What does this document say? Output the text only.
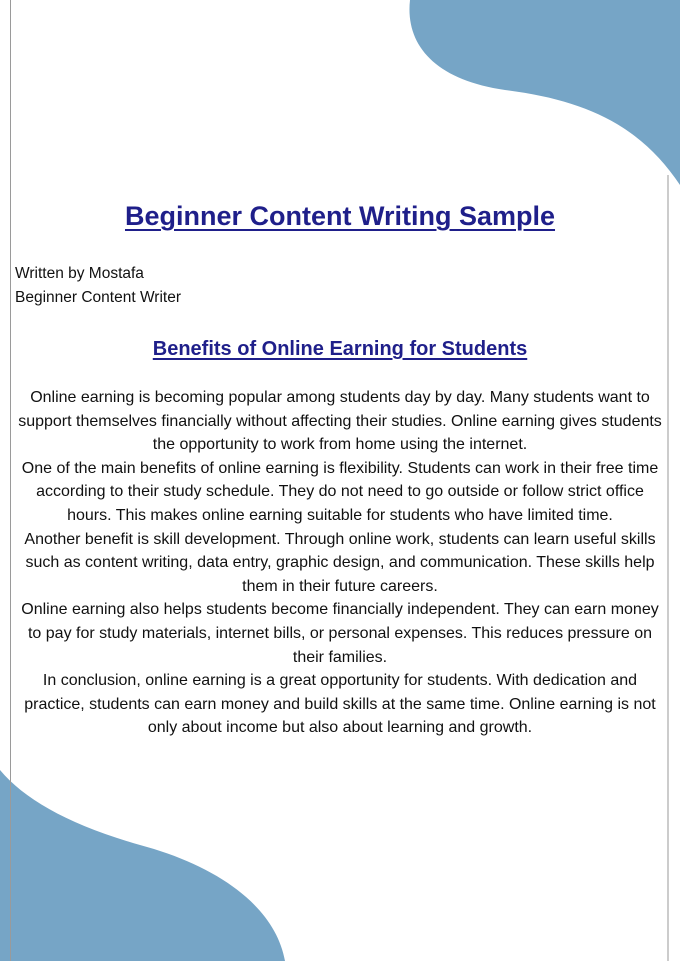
Beginner Content Writing Sample
Written by Mostafa
Beginner Content Writer
Benefits of Online Earning for Students

Online earning is becoming popular among students day by day. Many students want to support themselves financially without affecting their studies. Online earning gives students the opportunity to work from home using the internet.

One of the main benefits of online earning is flexibility. Students can work in their free time according to their study schedule. They do not need to go outside or follow strict office hours. This makes online earning suitable for students who have limited time.

Another benefit is skill development. Through online work, students can learn useful skills such as content writing, data entry, graphic design, and communication. These skills help them in their future careers.

Online earning also helps students become financially independent. They can earn money to pay for study materials, internet bills, or personal expenses. This reduces pressure on their families.

In conclusion, online earning is a great opportunity for students. With dedication and practice, students can earn money and build skills at the same time. Online earning is not only about income but also about learning and growth.
